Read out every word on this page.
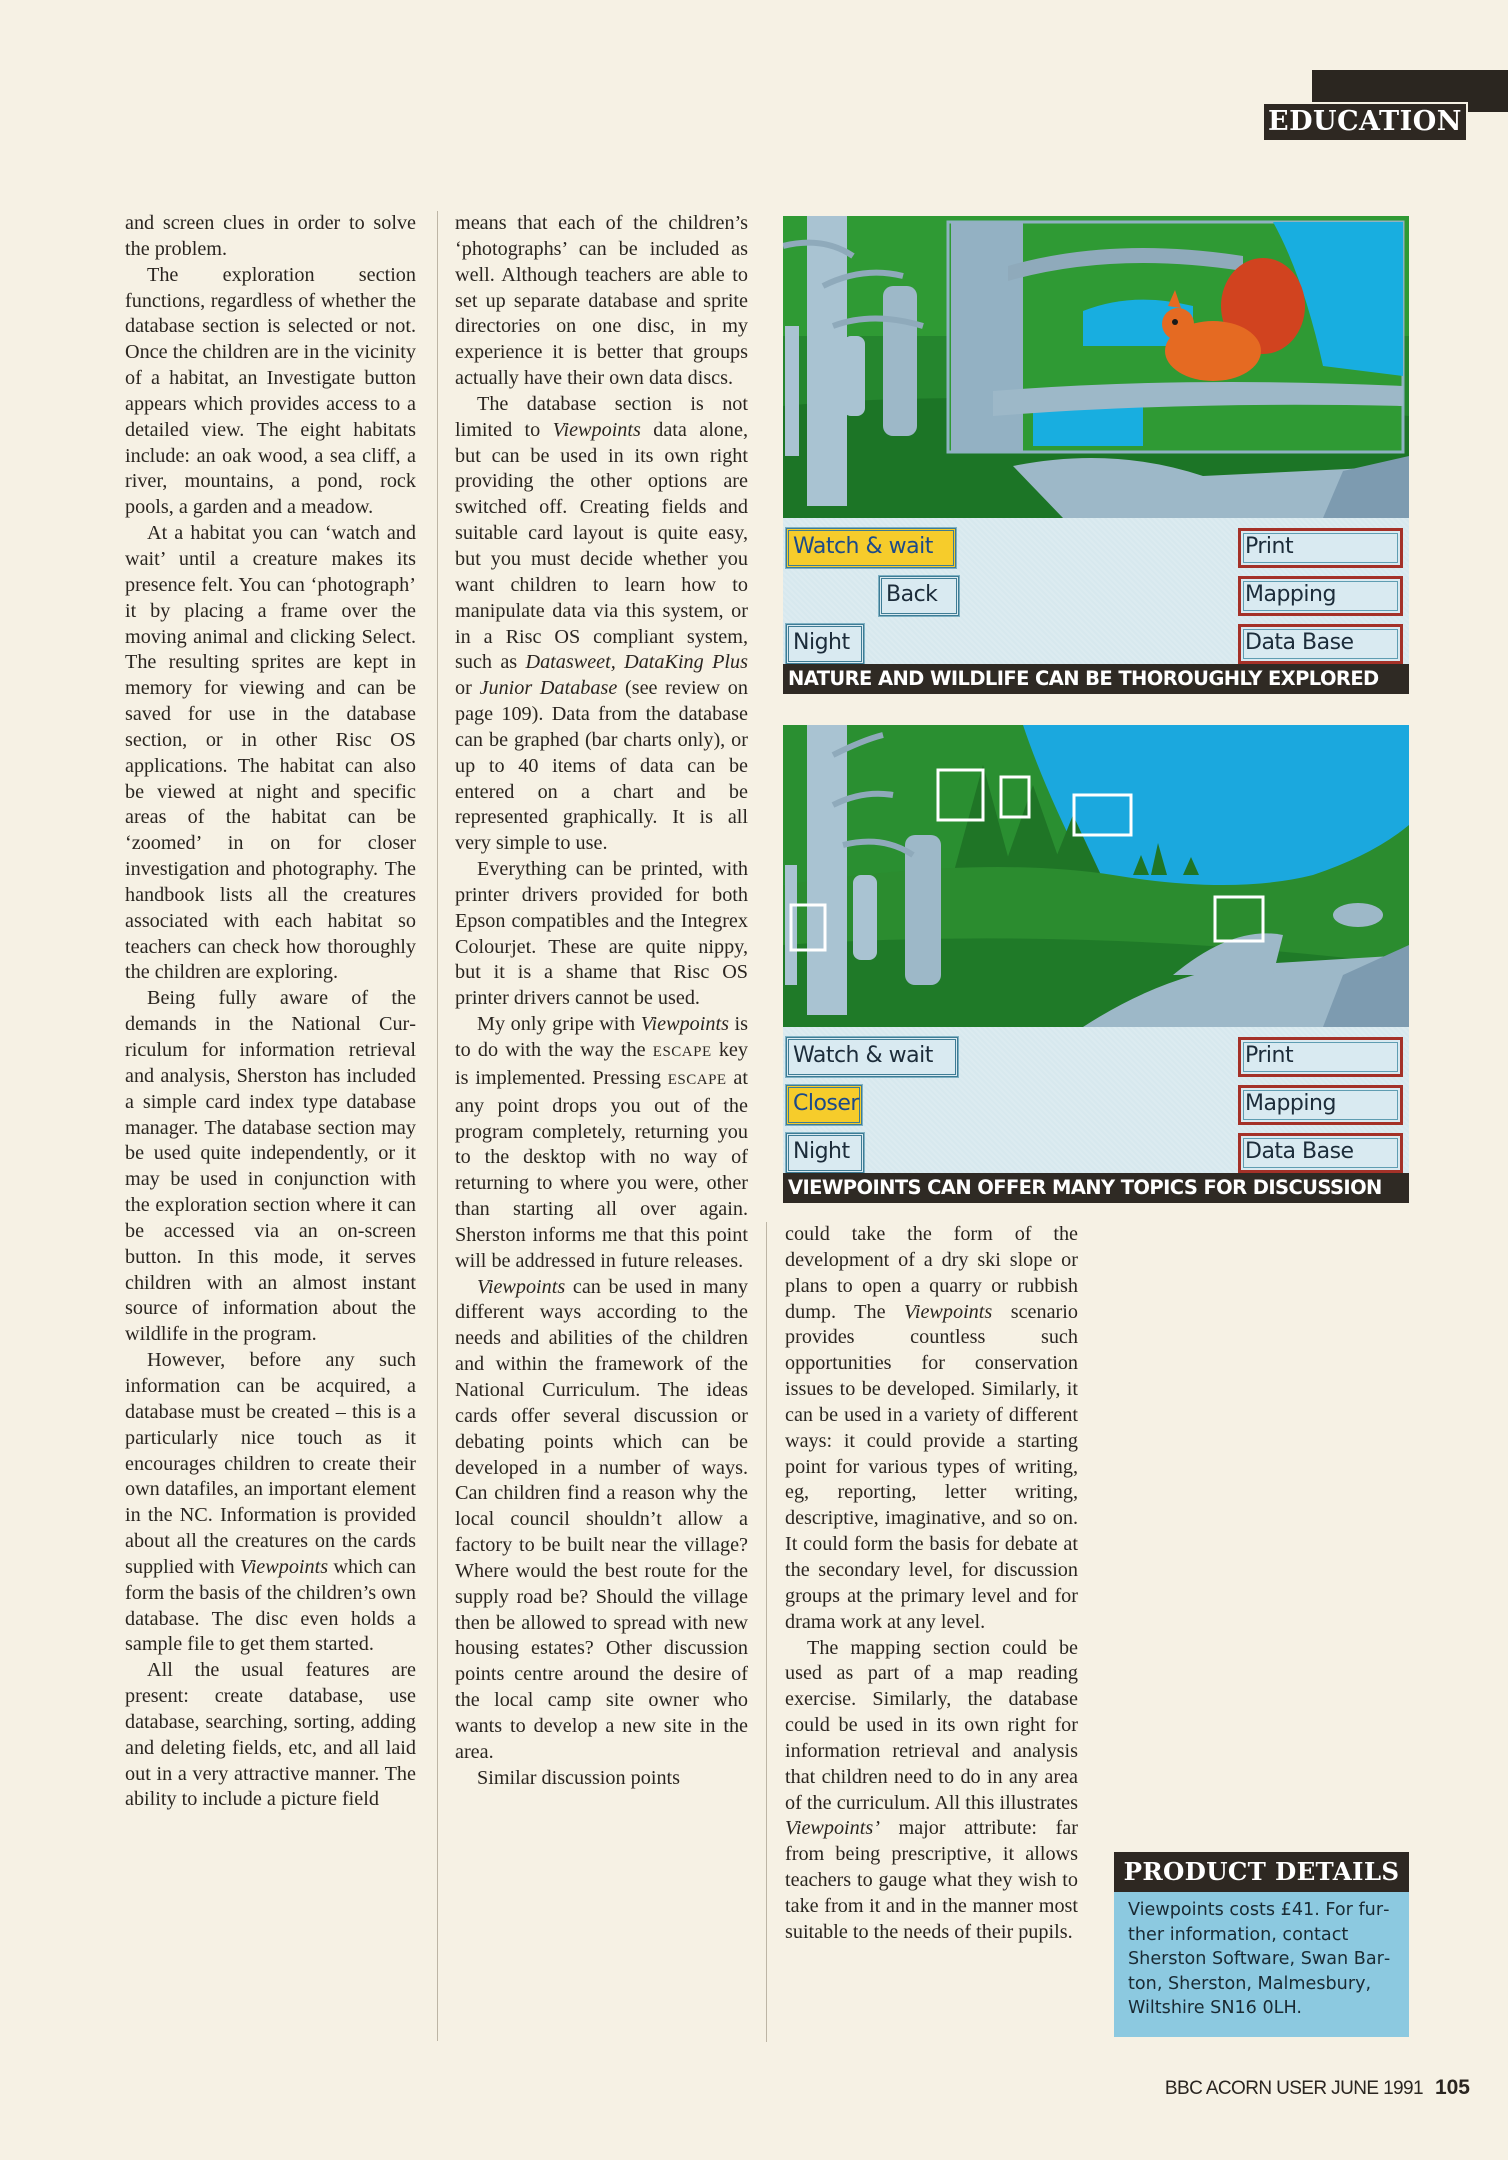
EDUCATION

and screen clues in order to solve the problem.

The exploration section functions, regardless of whether the database section is selected or not. Once the children are in the vicinity of a habitat, an Investigate button appears which provides access to a detailed view. The eight habitats include: an oak wood, a sea cliff, a river, mountains, a pond, rock pools, a garden and a meadow.

At a habitat you can ‘watch and wait’ until a creature makes its presence felt. You can ‘photograph’ it by placing a frame over the moving animal and clicking Select. The resulting sprites are kept in memory for viewing and can be saved for use in the database section, or in other Risc OS applications. The habitat can also be viewed at night and specific areas of the habitat can be ‘zoomed’ in on for closer investigation and photography. The handbook lists all the creatures associated with each habitat so teachers can check how thoroughly the children are exploring.

Being fully aware of the demands in the National Curriculum for information retrieval and analysis, Sherston has included a simple card index type database manager. The database section may be used quite independently, or it may be used in conjunction with the exploration section where it can be accessed via an on-screen button. In this mode, it serves children with an almost instant source of information about the wildlife in the program.

However, before any such information can be acquired, a database must be created – this is a particularly nice touch as it encourages children to create their own datafiles, an important element in the NC. Information is provided about all the creatures on the cards supplied with Viewpoints which can form the basis of the children’s own database. The disc even holds a sample file to get them started.

All the usual features are present: create database, use database, searching, sorting, adding and deleting fields, etc, and all laid out in a very attractive manner. The ability to include a picture field

means that each of the children’s ‘photographs’ can be included as well. Although teachers are able to set up separate database and sprite directories on one disc, in my experience it is better that groups actually have their own data discs.

The database section is not limited to Viewpoints data alone, but can be used in its own right providing the other options are switched off. Creating fields and suitable card layout is quite easy, but you must decide whether you want children to learn how to manipulate data via this system, or in a Risc OS compliant system, such as Datasweet, DataKing Plus or Junior Database (see review on page 109). Data from the database can be graphed (bar charts only), or up to 40 items of data can be entered on a chart and be represented graphically. It is all very simple to use.

Everything can be printed, with printer drivers provided for both Epson compatibles and the Integrex Colourjet. These are quite nippy, but it is a shame that Risc OS printer drivers cannot be used.

My only gripe with Viewpoints is to do with the way the ESCAPE key is implemented. Pressing ESCAPE at any point drops you out of the program completely, returning you to the desktop with no way of returning to where you were, other than starting all over again. Sherston informs me that this point will be addressed in future releases.

Viewpoints can be used in many different ways according to the needs and abilities of the children and within the framework of the National Curriculum. The ideas cards offer several discussion or debating points which can be developed in a number of ways. Can children find a reason why the local council shouldn’t allow a factory to be built near the village? Where would the best route for the supply road be? Should the village then be allowed to spread with new housing estates? Other discussion points centre around the desire of the local camp site owner who wants to develop a new site in the area.

Similar discussion points

could take the form of the development of a dry ski slope or plans to open a quarry or rubbish dump. The Viewpoints scenario provides countless such opportunities for conservation issues to be developed. Similarly, it can be used in a variety of different ways: it could provide a starting point for various types of writing, eg, reporting, letter writing, descriptive, imaginative, and so on. It could form the basis for debate at the secondary level, for discussion groups at the primary level and for drama work at any level.

The mapping section could be used as part of a map reading exercise. Similarly, the database could be used in its own right for information retrieval and analysis that children need to do in any area of the curriculum. All this illustrates Viewpoints’ major attribute: far from being prescriptive, it allows teachers to gauge what they wish to take from it and in the manner most suitable to the needs of their pupils.

Watch & wait
Back
Night
Print
Mapping
Data Base
NATURE AND WILDLIFE CAN BE THOROUGHLY EXPLORED
Watch & wait
Closer
Night
Print
Mapping
Data Base
VIEWPOINTS CAN OFFER MANY TOPICS FOR DISCUSSION
PRODUCT DETAILS
Viewpoints costs £41. For further information, contact Sherston Software, Swan Barton, Sherston, Malmesbury, Wiltshire SN16 0LH.
BBC ACORN USER JUNE 1991 105
